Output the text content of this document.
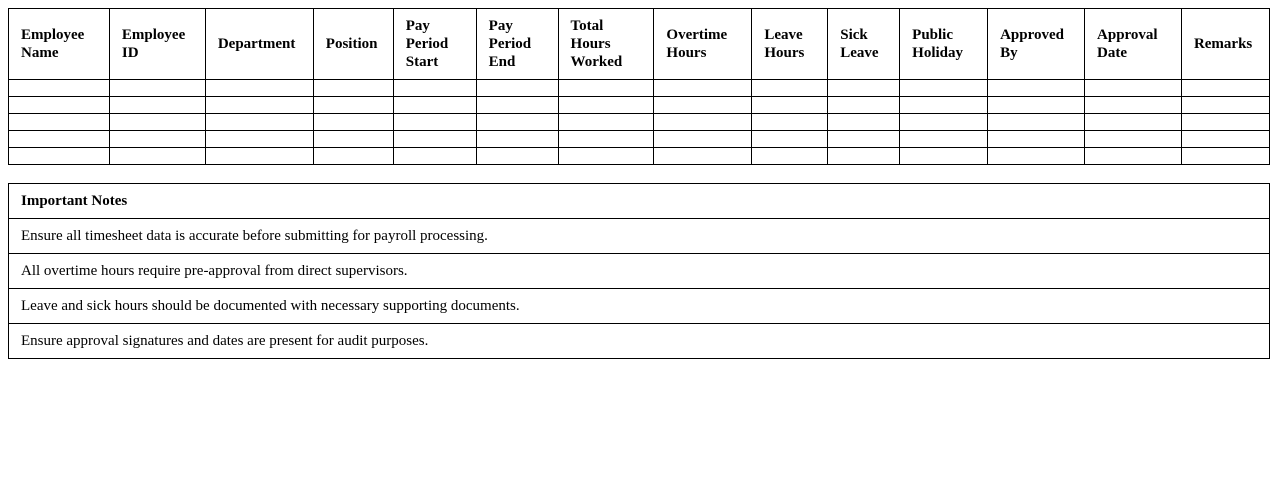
Employee Name	Employee ID	Department	Position	Pay Period Start	Pay Period End	Total Hours Worked	Overtime Hours	Leave Hours	Sick Leave	Public Holiday	Approved By	Approval Date	Remarks

Important Notes
Ensure all timesheet data is accurate before submitting for payroll processing.
All overtime hours require pre-approval from direct supervisors.
Leave and sick hours should be documented with necessary supporting documents.
Ensure approval signatures and dates are present for audit purposes.
